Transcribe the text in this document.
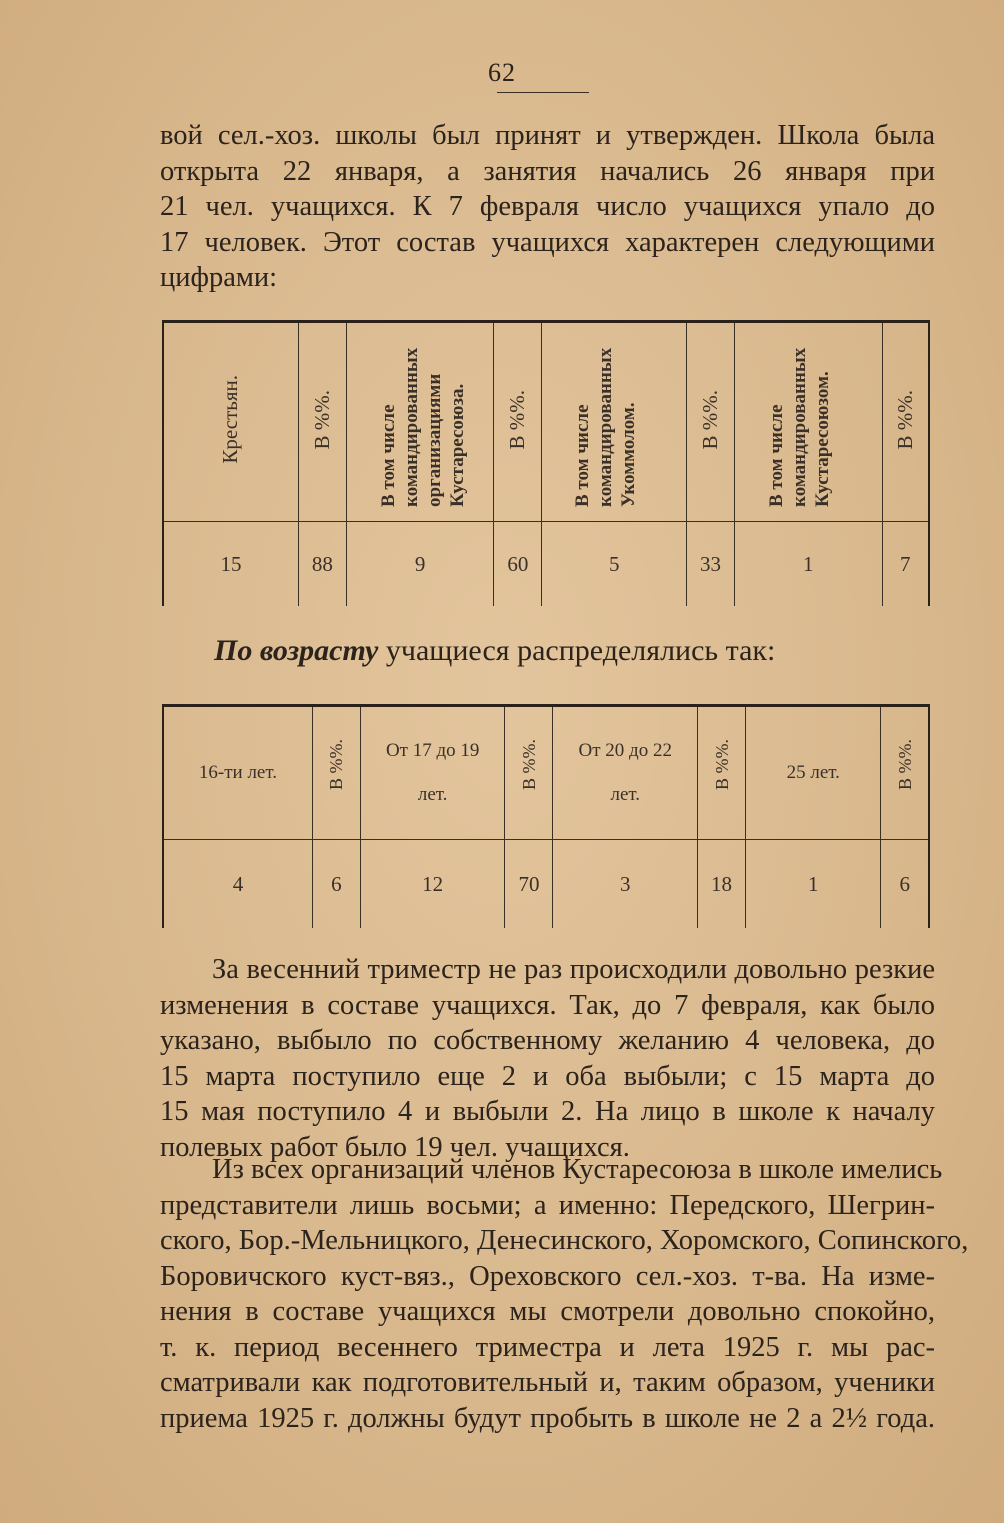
62
вой сел.-хоз. школы был принят и утвержден. Школа была
открыта 22 января, а занятия начались 26 января при
21 чел. учащихся. К 7 февраля число учащихся упало до
17 человек. Этот состав учащихся характерен следующими
цифрами:
Крестьян.	В %%.	В том числе командированных организациями Кустаресоюза.	В %%.	В том числе командированных Укоммолом.	В %%.	В том числе командированных Кустаресоюзом.	В %%.
15	88	9	60	5	33	1	7
По возрасту учащиеся распределялись так:
16-ти лет.	В %%.	От 17 до 19 лет.	В %%.	От 20 до 22 лет.	В %%.	25 лет.	В %%.
4	6	12	70	3	18	1	6
За весенний триместр не раз происходили довольно резкие
изменения в составе учащихся. Так, до 7 февраля, как было
указано, выбыло по собственному желанию 4 человека, до
15 марта поступило еще 2 и оба выбыли; с 15 марта до
15 мая поступило 4 и выбыли 2. На лицо в школе к началу
полевых работ было 19 чел. учащихся.
Из всех организаций членов Кустаресоюза в школе имелись
представители лишь восьми; а именно: Передского, Шегрин-
ского, Бор.-Мельницкого, Денесинского, Хоромского, Сопинского,
Боровичского куст-вяз., Ореховского сел.-хоз. т-ва. На изме-
нения в составе учащихся мы смотрели довольно спокойно,
т. к. период весеннего триместра и лета 1925 г. мы рас-
сматривали как подготовительный и, таким образом, ученики
приема 1925 г. должны будут пробыть в школе не 2 а 2½ года.
